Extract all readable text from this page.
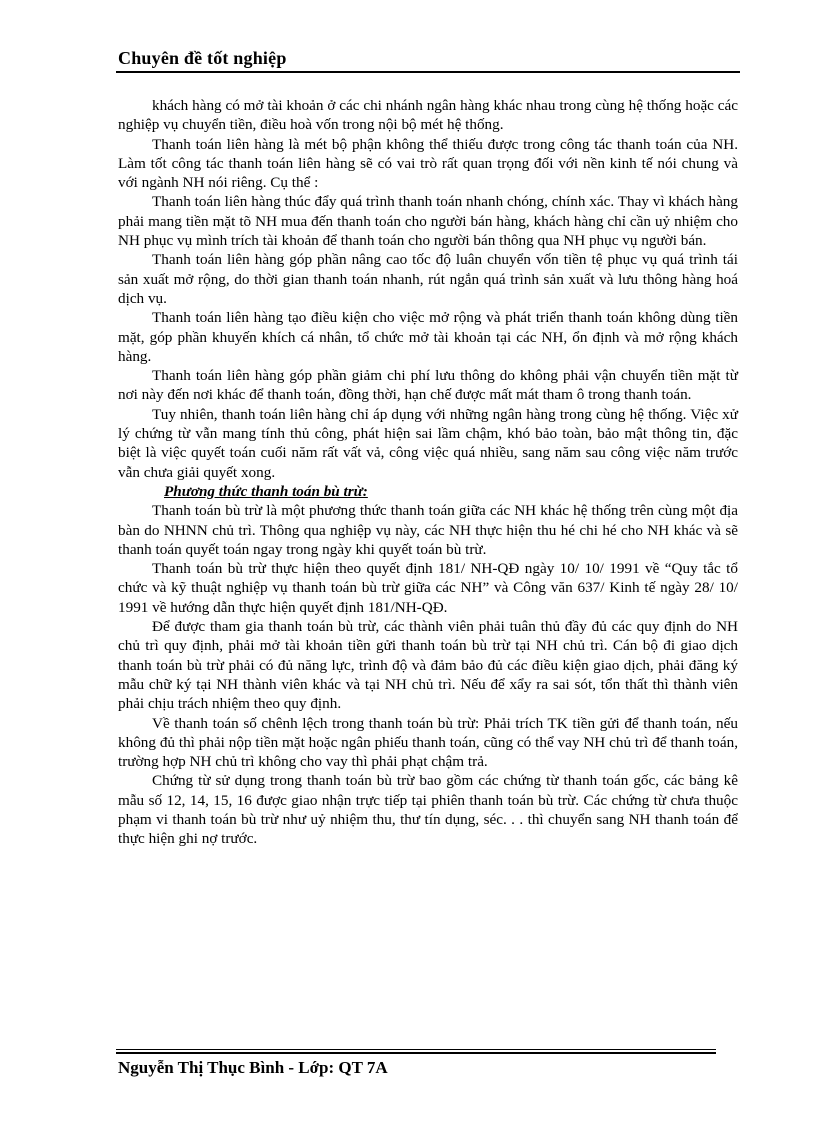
Chuyên đề tốt nghiệp

khách hàng có mở tài khoản ở các chi nhánh ngân hàng khác nhau trong cùng hệ thống hoặc các nghiệp vụ chuyển tiền, điều hoà vốn trong nội bộ mét hệ thống.

Thanh toán liên hàng là mét bộ phận không thể thiếu được trong công tác thanh toán của NH. Làm tốt công tác thanh toán liên hàng sẽ có vai trò rất quan trọng đối với nền kinh tế nói chung và với ngành NH nói riêng. Cụ thể :

Thanh toán liên hàng thúc đẩy quá trình thanh toán nhanh chóng, chính xác. Thay vì khách hàng phải mang tiền mặt tõ NH mua đến thanh toán cho người bán hàng, khách hàng chỉ cần uỷ nhiệm cho NH phục vụ mình trích tài khoản để thanh toán cho người bán thông qua NH phục vụ người bán.

Thanh toán liên hàng góp phần nâng cao tốc độ luân chuyển vốn tiền tệ phục vụ quá trình tái sản xuất mở rộng, do thời gian thanh toán nhanh, rút ngắn quá trình sản xuất và lưu thông hàng hoá dịch vụ.

Thanh toán liên hàng tạo điều kiện cho việc mở rộng và phát triển thanh toán không dùng tiền mặt, góp phần khuyến khích cá nhân, tổ chức mở tài khoản tại các NH, ổn định và mở rộng khách hàng.

Thanh toán liên hàng góp phần giảm chi phí lưu thông do không phải vận chuyển tiền mặt từ nơi này đến nơi khác để thanh toán, đồng thời, hạn chế được mất mát tham ô trong thanh toán.

Tuy nhiên, thanh toán liên hàng chỉ áp dụng với những ngân hàng trong cùng hệ thống. Việc xử lý chứng từ vẫn mang tính thủ công, phát hiện sai lầm chậm, khó bảo toàn, bảo mật thông tin, đặc biệt là việc quyết toán cuối năm rất vất vả, công việc quá nhiều, sang năm sau công việc năm trước vẫn chưa giải quyết xong.

Phương thức thanh toán bù trừ:

Thanh toán bù trừ là một phương thức thanh toán giữa các NH khác hệ thống trên cùng một địa bàn do NHNN chủ trì. Thông qua nghiệp vụ này, các NH thực hiện thu hé chi hé cho NH khác và sẽ thanh toán quyết toán ngay trong ngày khi quyết toán bù trừ.

Thanh toán bù trừ thực hiện theo quyết định 181/ NH-QĐ ngày 10/ 10/ 1991 về “Quy tắc tổ chức và kỹ thuật nghiệp vụ thanh toán bù trừ giữa các NH” và Công văn 637/ Kinh tế ngày 28/ 10/ 1991 về hướng dẫn thực hiện quyết định 181/NH-QĐ.

Để được tham gia thanh toán bù trừ, các thành viên phải tuân thủ đầy đủ các quy định do NH chủ trì quy định, phải mở tài khoản tiền gửi thanh toán bù trừ tại NH chủ trì. Cán bộ đi giao dịch thanh toán bù trừ phải có đủ năng lực, trình độ và đảm bảo đủ các điều kiện giao dịch, phải đăng ký mẫu chữ ký tại NH thành viên khác và tại NH chủ trì. Nếu để xẩy ra sai sót, tổn thất thì thành viên phải chịu trách nhiệm theo quy định.

Về thanh toán số chênh lệch trong thanh toán bù trừ: Phải trích TK tiền gửi để thanh toán, nếu không đủ thì phải nộp tiền mặt hoặc ngân phiếu thanh toán, cũng có thể vay NH chủ trì để thanh toán, trường hợp NH chủ trì không cho vay thì phải phạt chậm trả.

Chứng từ sử dụng trong thanh toán bù trừ bao gồm các chứng từ thanh toán gốc, các bảng kê mẫu số 12, 14, 15, 16 được giao nhận trực tiếp tại phiên thanh toán bù trừ. Các chứng từ chưa thuộc phạm vi thanh toán bù trừ như uỷ nhiệm thu, thư tín dụng, séc. . . thì chuyển sang NH thanh toán để thực hiện ghi nợ trước.

Nguyễn Thị Thục Bình - Lớp: QT 7A
